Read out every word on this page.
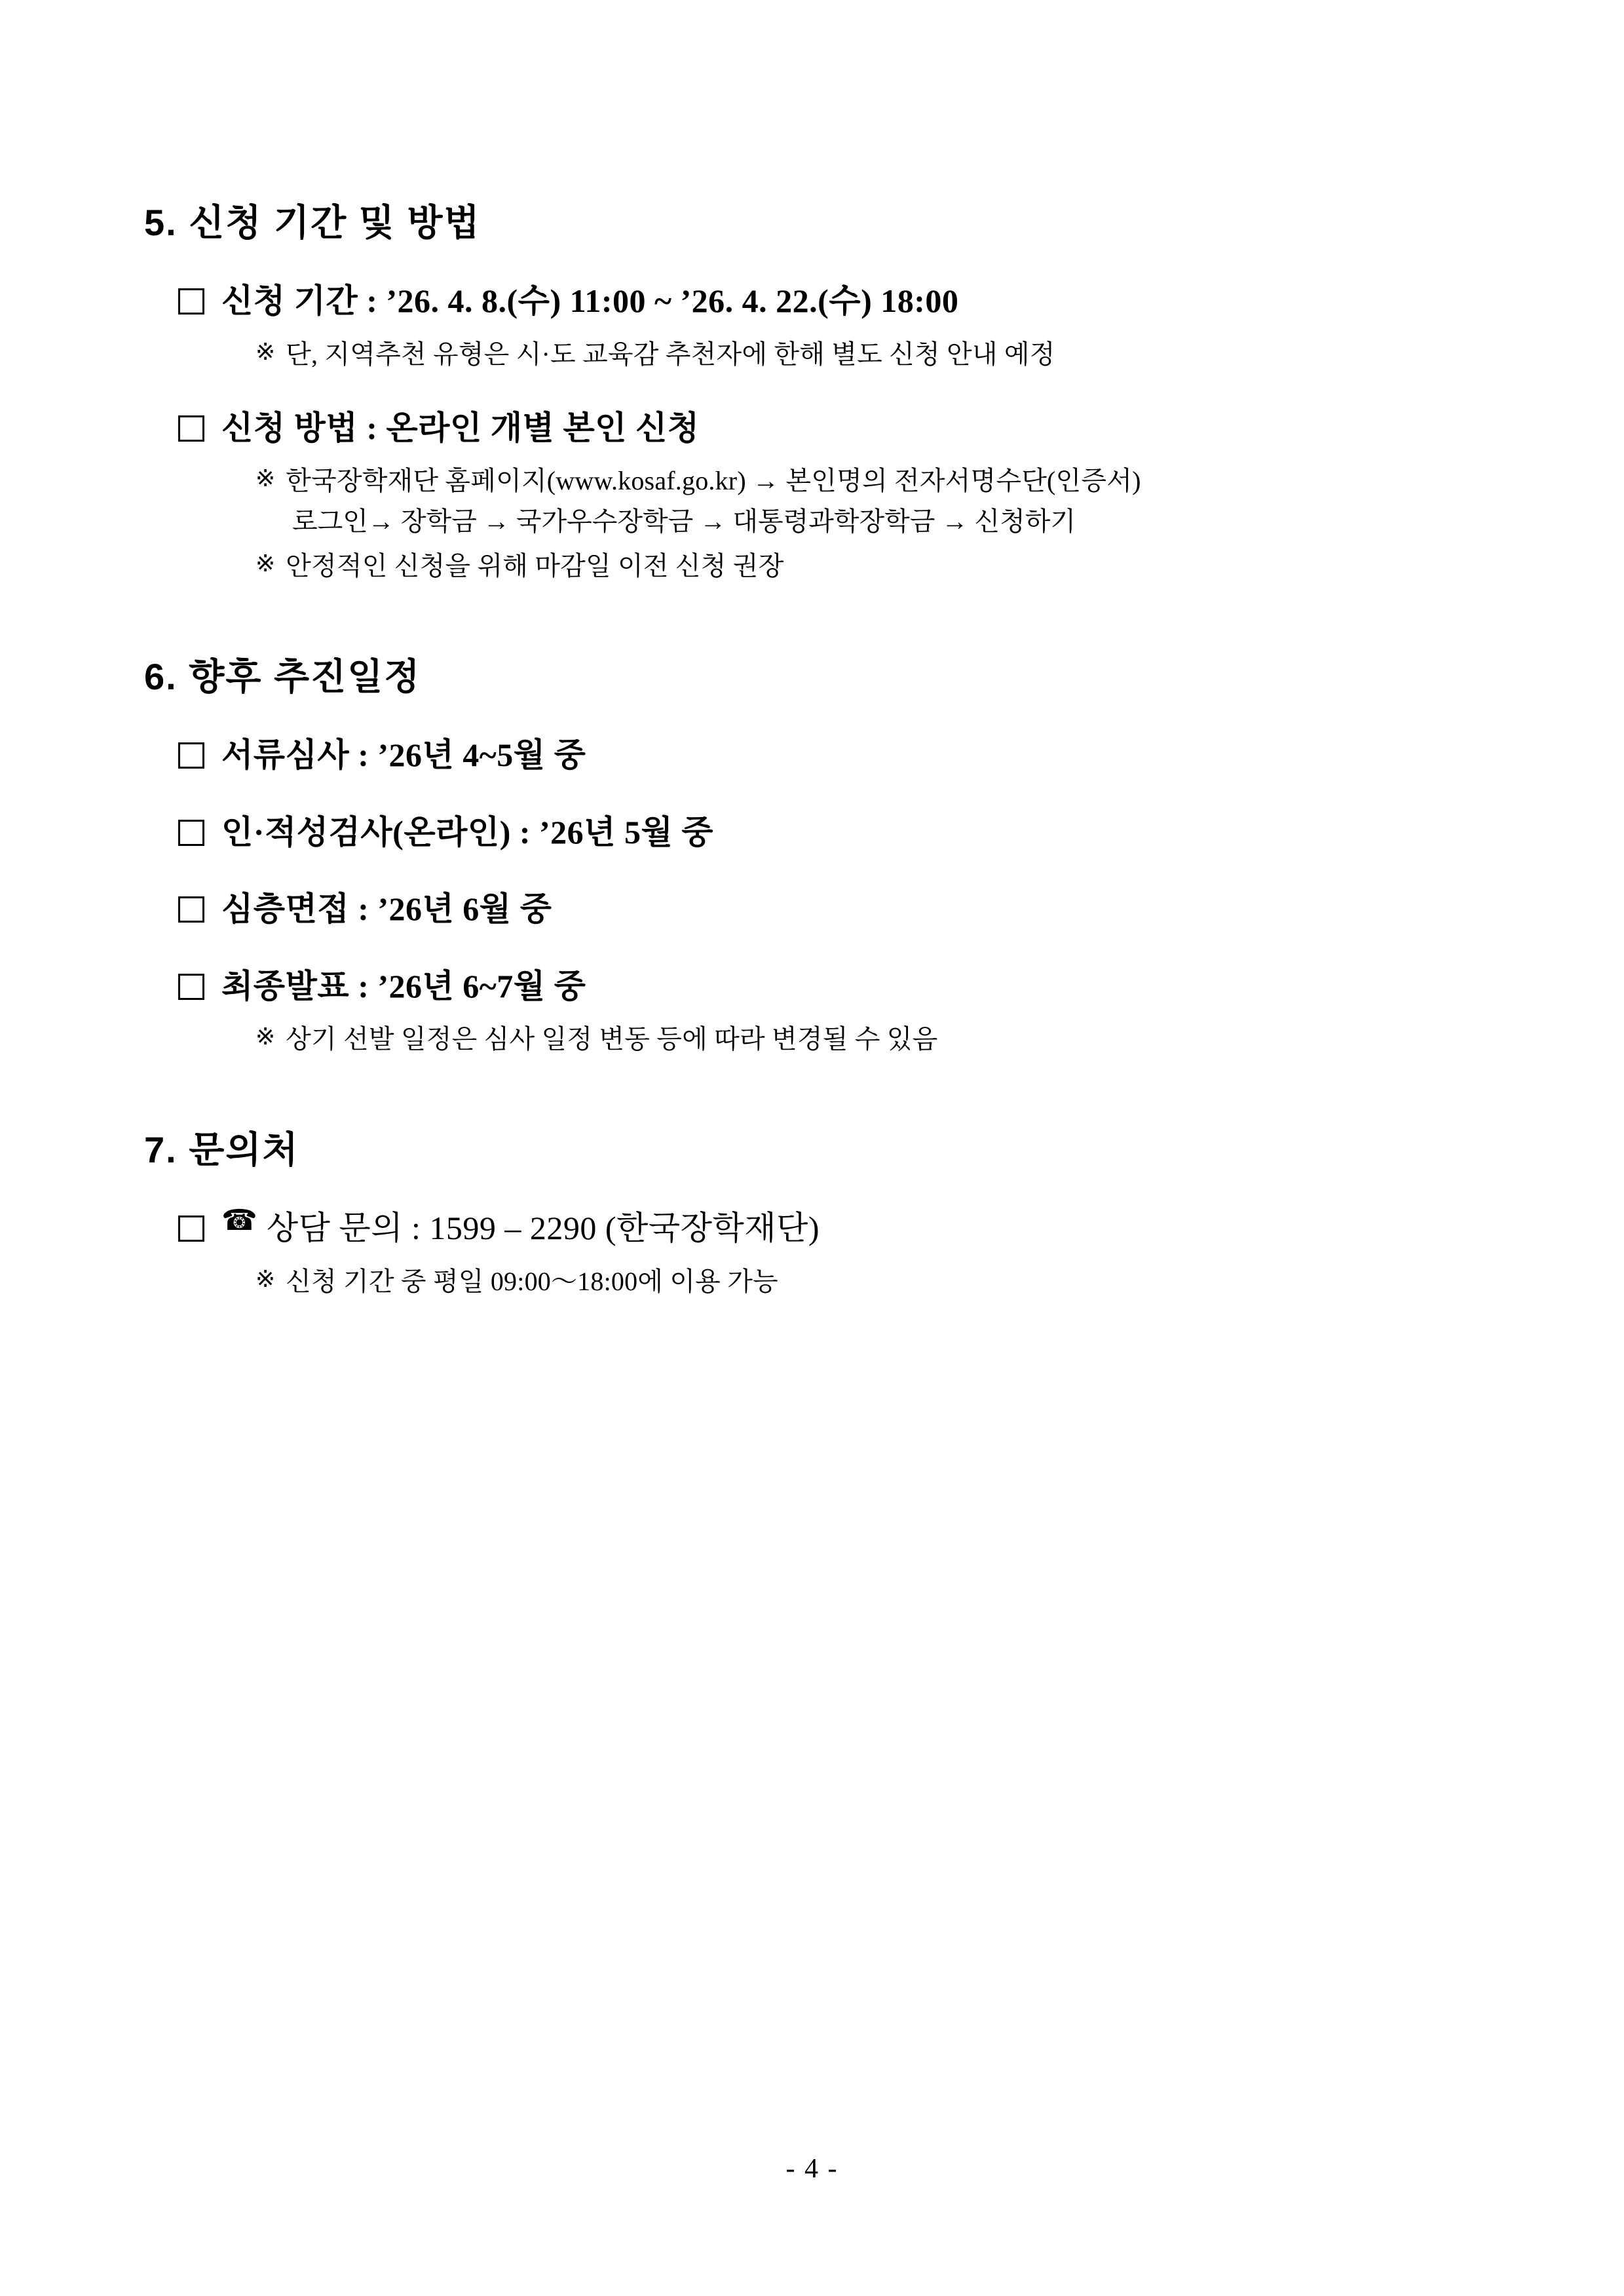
5. 신청 기간 및 방법
신청 기간 : ’26. 4. 8.(수) 11:00 ~ ’26. 4. 22.(수) 18:00
※ 단, 지역추천 유형은 시·도 교육감 추천자에 한해 별도 신청 안내 예정
신청 방법 : 온라인 개별 본인 신청
※ 한국장학재단 홈페이지(www.kosaf.go.kr) → 본인명의 전자서명수단(인증서)
로그인→ 장학금 → 국가우수장학금 → 대통령과학장학금 → 신청하기
※ 안정적인 신청을 위해 마감일 이전 신청 권장
6. 향후 추진일정
서류심사 : ’26년 4~5월 중
인·적성검사(온라인) : ’26년 5월 중
심층면접 : ’26년 6월 중
최종발표 : ’26년 6~7월 중
※ 상기 선발 일정은 심사 일정 변동 등에 따라 변경될 수 있음
7. 문의처
☎ 상담 문의 : 1599 – 2290 (한국장학재단)
※ 신청 기간 중 평일 09:00～18:00에 이용 가능
- 4 -
